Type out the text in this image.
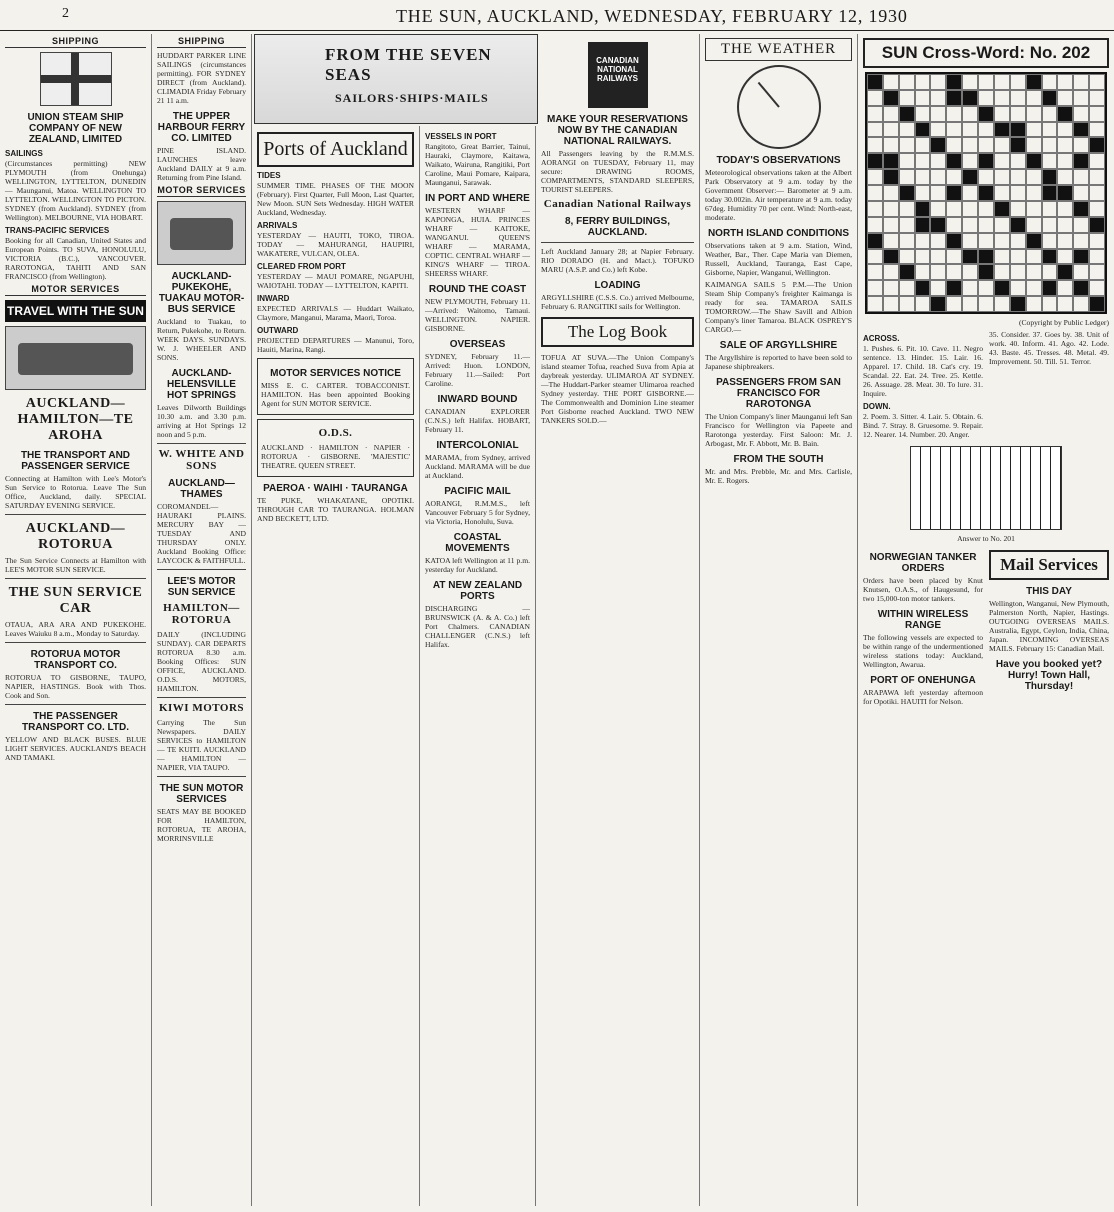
2	THE SUN, AUCKLAND, WEDNESDAY, FEBRUARY 12, 1930
SHIPPING
UNION STEAM SHIP COMPANY OF NEW ZEALAND, LIMITED
SAILINGS

(Circumstances permitting) NEW PLYMOUTH (from Onehunga) WELLINGTON, LYTTELTON, DUNEDIN — Maunganui, Matoa. WELLINGTON TO LYTTELTON. WELLINGTON TO PICTON. SYDNEY (from Auckland). SYDNEY (from Wellington). MELBOURNE, VIA HOBART.

TRANS-PACIFIC SERVICES

Booking for all Canadian, United States and European Points. TO SUVA, HONOLULU, VICTORIA (B.C.), VANCOUVER. RAROTONGA, TAHITI AND SAN FRANCISCO (from Wellington).

MOTOR SERVICES
TRAVEL WITH THE SUN
AUCKLAND—HAMILTON—TE AROHA
THE TRANSPORT AND PASSENGER SERVICE

Connecting at Hamilton with Lee's Motor's Sun Service to Rotorua. Leave The Sun Office, Auckland, daily. SPECIAL SATURDAY EVENING SERVICE.

AUCKLAND—ROTORUA

The Sun Service Connects at Hamilton with LEE'S MOTOR SUN SERVICE.

THE SUN SERVICE CAR

OTAUA, ARA ARA AND PUKEKOHE. Leaves Waiuku 8 a.m., Monday to Saturday.

ROTORUA MOTOR TRANSPORT CO.

ROTORUA TO GISBORNE, TAUPO, NAPIER, HASTINGS. Book with Thos. Cook and Son.

THE PASSENGER TRANSPORT CO. LTD.

YELLOW AND BLACK BUSES. BLUE LIGHT SERVICES. AUCKLAND'S BEACH AND TAMAKI.

SHIPPING

HUDDART PARKER LINE SAILINGS (circumstances permitting). FOR SYDNEY DIRECT (from Auckland). CLIMADIA Friday February 21 11 a.m.

THE UPPER HARBOUR FERRY CO. LIMITED

PINE ISLAND. LAUNCHES leave Auckland DAILY at 9 a.m. Returning from Pine Island.

MOTOR SERVICES
AUCKLAND-PUKEKOHE, TUAKAU MOTOR-BUS SERVICE

Auckland to Tuakau, to Return, Pukekohe, to Return. WEEK DAYS. SUNDAYS. W. J. WHEELER AND SONS.

AUCKLAND-HELENSVILLE HOT SPRINGS

Leaves Dilworth Buildings 10.30 a.m. and 3.30 p.m. arriving at Hot Springs 12 noon and 5 p.m.

W. WHITE AND SONS
AUCKLAND—THAMES

COROMANDEL—HAURAKI PLAINS. MERCURY BAY — TUESDAY AND THURSDAY ONLY. Auckland Booking Office: LAYCOCK & FAITHFULL.

LEE'S MOTOR SUN SERVICE
HAMILTON—ROTORUA

DAILY (INCLUDING SUNDAY). CAR DEPARTS ROTORUA 8.30 a.m. Booking Offices: SUN OFFICE, AUCKLAND. O.D.S. MOTORS, HAMILTON.

KIWI MOTORS

Carrying The Sun Newspapers. DAILY SERVICES to HAMILTON — TE KUITI. AUCKLAND — HAMILTON — NAPIER, VIA TAUPO.

THE SUN MOTOR SERVICES

SEATS MAY BE BOOKED FOR HAMILTON, ROTORUA, TE AROHA, MORRINSVILLE

FROM THE SEVEN SEAS
SAILORS·SHIPS·MAILS
Ports of Auckland
TIDES

SUMMER TIME. PHASES OF THE MOON (February). First Quarter, Full Moon, Last Quarter, New Moon. SUN Sets Wednesday. HIGH WATER Auckland, Wednesday.

ARRIVALS

YESTERDAY — HAUITI, TOKO, TIROA. TODAY — MAHURANGI, HAUPIRI, WAKATERE, VULCAN, OLEA.

CLEARED FROM PORT

YESTERDAY — MAUI POMARE, NGAPUHI, WAIOTAHI. TODAY — LYTTELTON, KAPITI.

INWARD

EXPECTED ARRIVALS — Huddart Waikato, Claymore, Manganui, Marama, Maori, Toroa.

OUTWARD

PROJECTED DEPARTURES — Manunui, Toro, Hauiti, Marina, Rangi.

MOTOR SERVICES NOTICE

MISS E. C. CARTER. TOBACCONIST. HAMILTON. Has been appointed Booking Agent for SUN MOTOR SERVICE.

O.D.S.

AUCKLAND · HAMILTON · NAPIER · ROTORUA · GISBORNE. 'MAJESTIC' THEATRE. QUEEN STREET.

PAEROA · WAIHI · TAURANGA

TE PUKE, WHAKATANE, OPOTIKI. THROUGH CAR TO TAURANGA. HOLMAN AND BECKETT, LTD.

VESSELS IN PORT

Rangitoto, Great Barrier, Tainui, Hauraki, Claymore, Kaitawa, Waikato, Wairuna, Rangitiki, Port Caroline, Maui Pomare, Kaipara, Maunganui, Sarawak.

IN PORT AND WHERE

WESTERN WHARF — KAPONGA, HUIA. PRINCES WHARF — KAITOKE, WANGANUI. QUEEN'S WHARF — MARAMA, COPTIC. CENTRAL WHARF — KING'S WHARF — TIROA. SHEERSS WHARF.

ROUND THE COAST

NEW PLYMOUTH, February 11.—Arrived: Waitomo, Tamaui. WELLINGTON. NAPIER. GISBORNE.

OVERSEAS

SYDNEY, February 11.—Arrived: Huon. LONDON, February 11.—Sailed: Port Caroline.

INWARD BOUND

CANADIAN EXPLORER (C.N.S.) left Halifax. HOBART, February 11.

INTERCOLONIAL

MARAMA, from Sydney, arrived Auckland. MARAMA will be due at Auckland.

PACIFIC MAIL

AORANGI, R.M.M.S., left Vancouver February 5 for Sydney, via Victoria, Honolulu, Suva.

COASTAL MOVEMENTS

KATOA left Wellington at 11 p.m. yesterday for Auckland.

AT NEW ZEALAND PORTS

DISCHARGING — BRUNSWICK (A. & A. Co.) left Port Chalmers. CANADIAN CHALLENGER (C.N.S.) left Halifax.

CANADIAN NATIONAL RAILWAYS
MAKE YOUR RESERVATIONS NOW BY THE CANADIAN NATIONAL RAILWAYS.

All Passengers leaving by the R.M.M.S. AORANGI on TUESDAY, February 11, may secure: DRAWING ROOMS, COMPARTMENTS, STANDARD SLEEPERS, TOURIST SLEEPERS.

Canadian National Railways
8, FERRY BUILDINGS, AUCKLAND.

Left Auckland January 28; at Napier February. RIO DORADO (H. and Mact.). TOFUKO MARU (A.S.P. and Co.) left Kobe.

LOADING

ARGYLLSHIRE (C.S.S. Co.) arrived Melbourne, February 6. RANGITIKI sails for Wellington.

The Log Book

TOFUA AT SUVA.—The Union Company's island steamer Tofua, reached Suva from Apia at daybreak yesterday. ULIMAROA AT SYDNEY.—The Huddart-Parker steamer Ulimaroa reached Sydney yesterday. THE PORT GISBORNE.—The Commonwealth and Dominion Line steamer Port Gisborne reached Auckland. TWO NEW TANKERS SOLD.—

THE WEATHER
TODAY'S OBSERVATIONS

Meteorological observations taken at the Albert Park Observatory at 9 a.m. today by the Government Observer:— Barometer at 9 a.m. today 30.002in. Air temperature at 9 a.m. today 67deg. Humidity 70 per cent. Wind: North-east, moderate.

NORTH ISLAND CONDITIONS

Observations taken at 9 a.m. Station, Wind, Weather, Bar., Ther. Cape Maria van Diemen, Russell, Auckland, Tauranga, East Cape, Gisborne, Napier, Wanganui, Wellington.

KAIMANGA SAILS 5 P.M.—The Union Steam Ship Company's freighter Kaimanga is ready for sea. TAMAROA SAILS TOMORROW.—The Shaw Savill and Albion Company's liner Tamaroa. BLACK OSPREY'S CARGO.—

SALE OF ARGYLLSHIRE

The Argyllshire is reported to have been sold to Japanese shipbreakers.

PASSENGERS FROM SAN FRANCISCO FOR RAROTONGA

The Union Company's liner Maunganui left San Francisco for Wellington via Papeete and Rarotonga yesterday. First Saloon: Mr. J. Arbogast, Mr. F. Abbott, Mr. B. Bain.

FROM THE SOUTH

Mr. and Mrs. Prebble, Mr. and Mrs. Carlisle, Mr. E. Rogers.

SUN Cross-Word: No. 202
(Copyright by Public Ledger)
ACROSS.

1. Pushes. 6. Pit. 10. Cave. 11. Negro sentence. 13. Hinder. 15. Lair. 16. Apparel. 17. Child. 18. Cat's cry. 19. Scandal. 22. Eat. 24. Tree. 25. Kettle. 26. Assuage. 28. Meat. 30. To lure. 31. Inquire.

DOWN.

2. Poem. 3. Sitter. 4. Lair. 5. Obtain. 6. Bind. 7. Stray. 8. Gruesome. 9. Repair. 12. Nearer. 14. Number. 20. Anger.

35. Consider. 37. Goes by. 38. Unit of work. 40. Inform. 41. Ago. 42. Lode. 43. Baste. 45. Tresses. 48. Metal. 49. Improvement. 50. Till. 51. Terror.

Answer to No. 201
NORWEGIAN TANKER ORDERS

Orders have been placed by Knut Knutsen, O.A.S., of Haugesund, for two 15,000-ton motor tankers.

WITHIN WIRELESS RANGE

The following vessels are expected to be within range of the undermentioned wireless stations today: Auckland, Wellington, Awarua.

PORT OF ONEHUNGA

ARAPAWA left yesterday afternoon for Opotiki. HAUITI for Nelson.

Mail Services
THIS DAY

Wellington, Wanganui, New Plymouth, Palmerston North, Napier, Hastings. OUTGOING OVERSEAS MAILS. Australia, Egypt, Ceylon, India, China, Japan. INCOMING OVERSEAS MAILS. February 15: Canadian Mail.

Have you booked yet? Hurry! Town Hall, Thursday!
